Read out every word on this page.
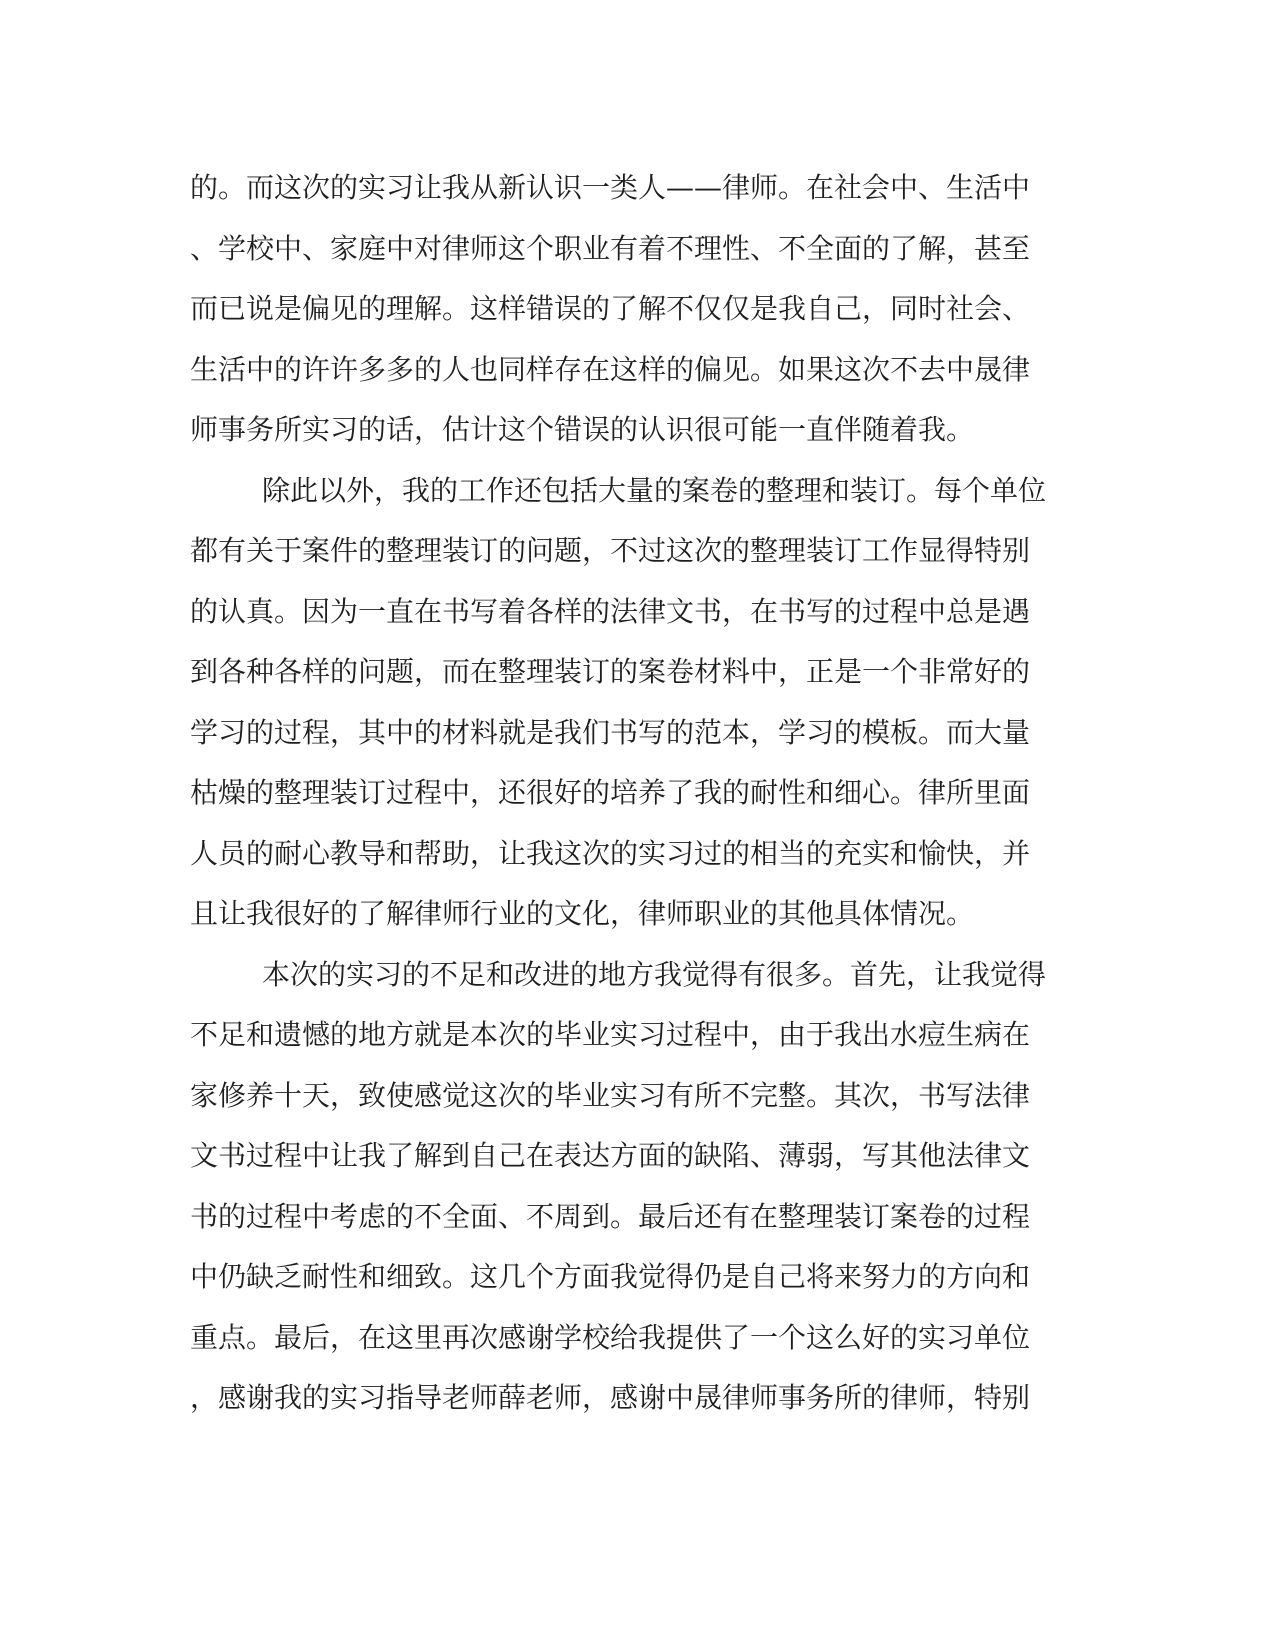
的。而这次的实习让我从新认识一类人——律师。在社会中、生活中
、学校中、家庭中对律师这个职业有着不理性、不全面的了解，甚至
而已说是偏见的理解。这样错误的了解不仅仅是我自己，同时社会、
生活中的许许多多的人也同样存在这样的偏见。如果这次不去中晟律
师事务所实习的话，估计这个错误的认识很可能一直伴随着我。
除此以外，我的工作还包括大量的案卷的整理和装订。每个单位
都有关于案件的整理装订的问题，不过这次的整理装订工作显得特别
的认真。因为一直在书写着各样的法律文书，在书写的过程中总是遇
到各种各样的问题，而在整理装订的案卷材料中，正是一个非常好的
学习的过程，其中的材料就是我们书写的范本，学习的模板。而大量
枯燥的整理装订过程中，还很好的培养了我的耐性和细心。律所里面
人员的耐心教导和帮助，让我这次的实习过的相当的充实和愉快，并
且让我很好的了解律师行业的文化，律师职业的其他具体情况。
本次的实习的不足和改进的地方我觉得有很多。首先，让我觉得
不足和遗憾的地方就是本次的毕业实习过程中，由于我出水痘生病在
家修养十天，致使感觉这次的毕业实习有所不完整。其次，书写法律
文书过程中让我了解到自己在表达方面的缺陷、薄弱，写其他法律文
书的过程中考虑的不全面、不周到。最后还有在整理装订案卷的过程
中仍缺乏耐性和细致。这几个方面我觉得仍是自己将来努力的方向和
重点。最后，在这里再次感谢学校给我提供了一个这么好的实习单位
，感谢我的实习指导老师薛老师，感谢中晟律师事务所的律师，特别
